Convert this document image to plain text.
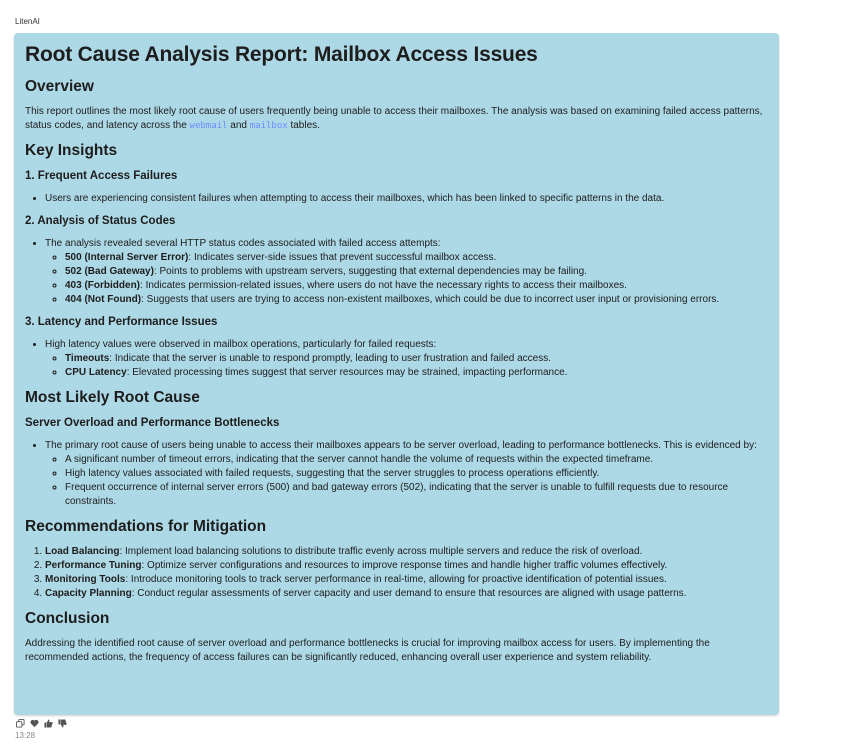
LitenAI
Root Cause Analysis Report: Mailbox Access Issues
Overview

This report outlines the most likely root cause of users frequently being unable to access their mailboxes. The analysis was based on examining failed access patterns, status codes, and latency across the webmail and mailbox tables.

Key Insights
1. Frequent Access Failures
• Users are experiencing consistent failures when attempting to access their mailboxes, which has been linked to specific patterns in the data.
2. Analysis of Status Codes
• The analysis revealed several HTTP status codes associated with failed access attempts:
◦ 500 (Internal Server Error): Indicates server-side issues that prevent successful mailbox access.
◦ 502 (Bad Gateway): Points to problems with upstream servers, suggesting that external dependencies may be failing.
◦ 403 (Forbidden): Indicates permission-related issues, where users do not have the necessary rights to access their mailboxes.
◦ 404 (Not Found): Suggests that users are trying to access non-existent mailboxes, which could be due to incorrect user input or provisioning errors.
3. Latency and Performance Issues
• High latency values were observed in mailbox operations, particularly for failed requests:
◦ Timeouts: Indicate that the server is unable to respond promptly, leading to user frustration and failed access.
◦ CPU Latency: Elevated processing times suggest that server resources may be strained, impacting performance.
Most Likely Root Cause
Server Overload and Performance Bottlenecks
• The primary root cause of users being unable to access their mailboxes appears to be server overload, leading to performance bottlenecks. This is evidenced by:
◦ A significant number of timeout errors, indicating that the server cannot handle the volume of requests within the expected timeframe.
◦ High latency values associated with failed requests, suggesting that the server struggles to process operations efficiently.
◦ Frequent occurrence of internal server errors (500) and bad gateway errors (502), indicating that the server is unable to fulfill requests due to resource constraints.
Recommendations for Mitigation
1. Load Balancing: Implement load balancing solutions to distribute traffic evenly across multiple servers and reduce the risk of overload.
2. Performance Tuning: Optimize server configurations and resources to improve response times and handle higher traffic volumes effectively.
3. Monitoring Tools: Introduce monitoring tools to track server performance in real-time, allowing for proactive identification of potential issues.
4. Capacity Planning: Conduct regular assessments of server capacity and user demand to ensure that resources are aligned with usage patterns.
Conclusion

Addressing the identified root cause of server overload and performance bottlenecks is crucial for improving mailbox access for users. By implementing the recommended actions, the frequency of access failures can be significantly reduced, enhancing overall user experience and system reliability.

13:28
